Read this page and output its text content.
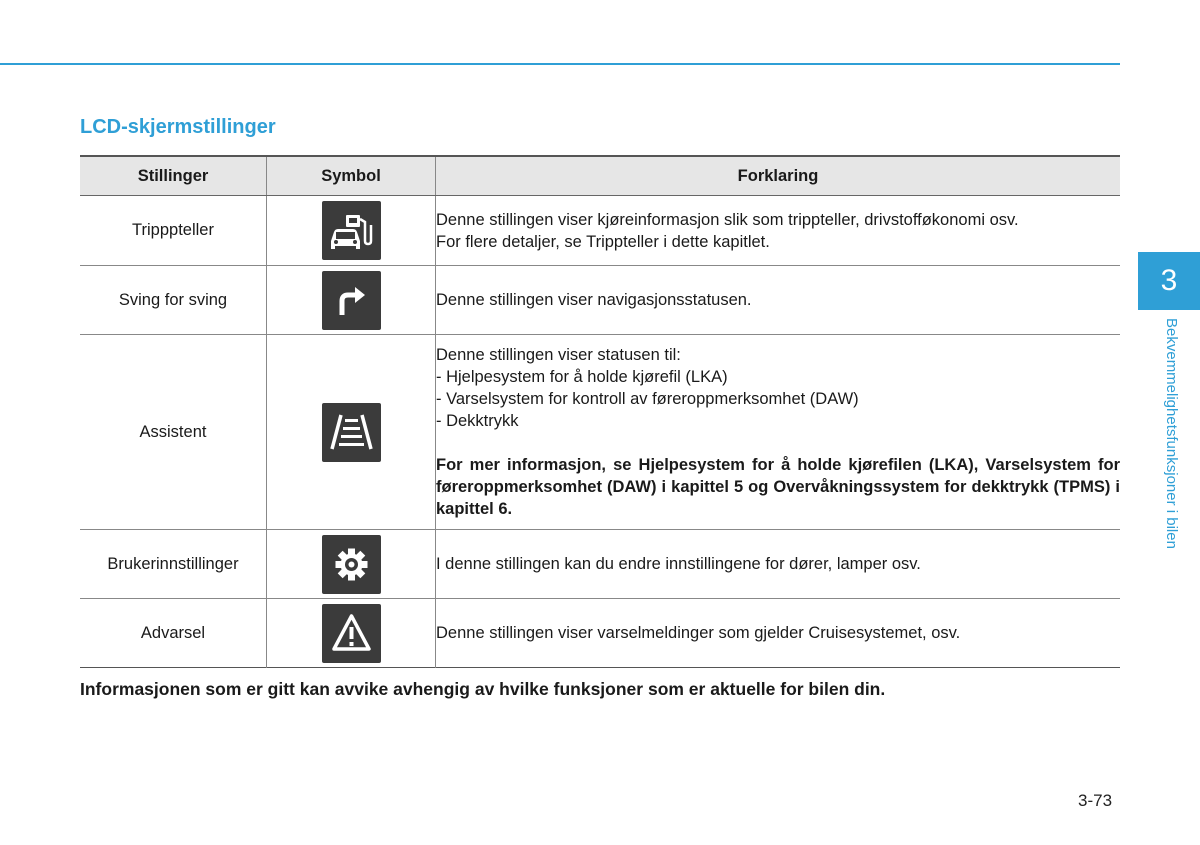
LCD-skjermstillinger
Stillinger	Symbol	Forklaring
Tripppteller		Denne stillingen viser kjøreinformasjon slik som trippteller, drivstofføkonomi osv.
For flere detaljer, se Trippteller i dette kapitlet.

Sving for sving		Denne stillingen viser navigasjonsstatusen.

Assistent		Denne stillingen viser statusen til:
- Hjelpesystem for å holde kjørefil (LKA)
- Varselsystem for kontroll av føreroppmerksomhet (DAW)
- Dekktrykk
For mer informasjon, se Hjelpesystem for å holde kjørefilen (LKA), Varselsystem for føreroppmerksomhet (DAW) i kapittel 5 og Overvåkningssystem for dekktrykk (TPMS) i kapittel 6.

Brukerinnstillinger		I denne stillingen kan du endre innstillingene for dører, lamper osv.

Advarsel		Denne stillingen viser varselmeldinger som gjelder Cruisesystemet, osv.
Informasjonen som er gitt kan avvike avhengig av hvilke funksjoner som er aktuelle for bilen din.
3
Bekvemmelighetsfunksjoner i bilen
3-73
